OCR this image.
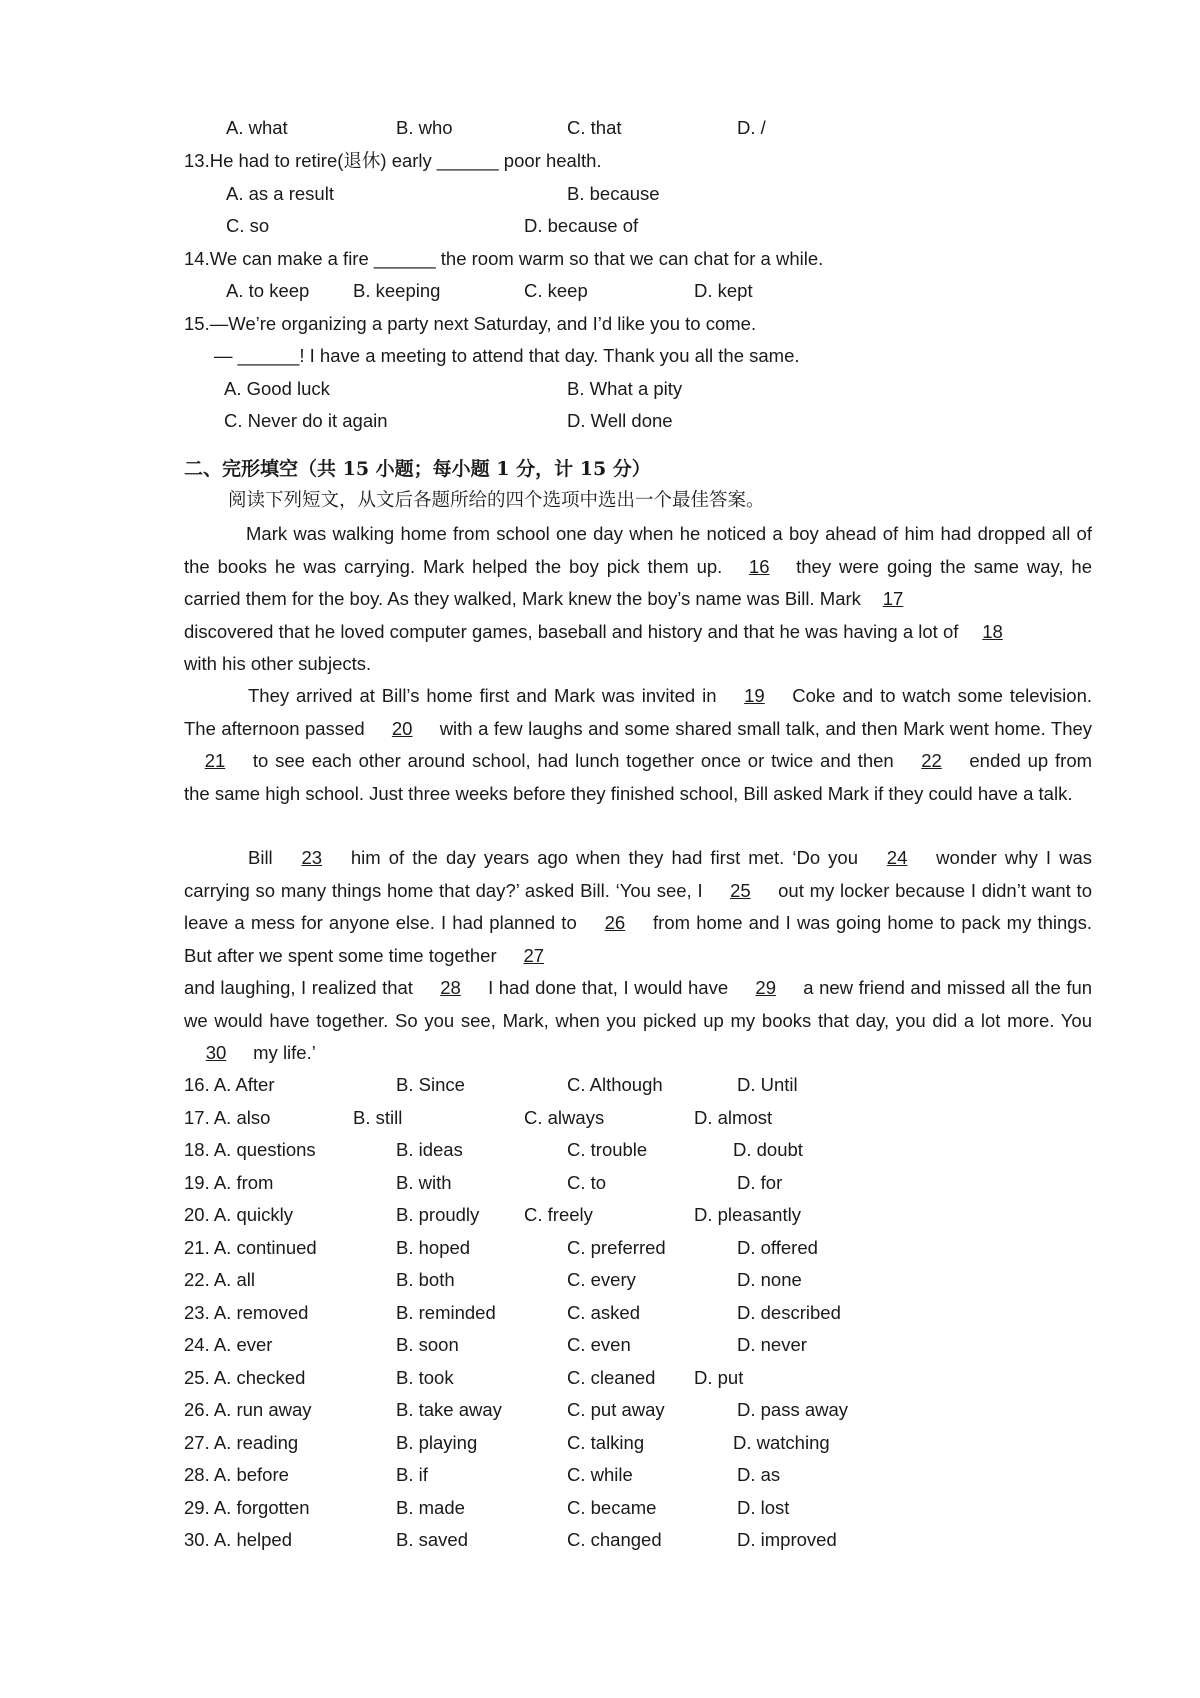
A. what	B. who	C. that	D. /
13.He had to retire(退休) early ______ poor health.
A. as a result	B. because
C. so	D. because of
14.We can make a fire ______ the room warm so that we can chat for a while.
A. to keep B. keeping	C. keep	D. kept
15.—We’re organizing a party next Saturday, and I’d like you to come.
— ______! I have a meeting to attend that day. Thank you all the same.
A. Good luck	B. What a pity
C. Never do it again	D. Well done
二、完形填空（共 15 小题；每小题 1 分，计 15 分）
阅读下列短文，从文后各题所给的四个选项中选出一个最佳答案。
Mark was walking home from school one day when he noticed a boy ahead of him had dropped all of the books he was carrying. Mark helped the boy pick them up. 16 they were going the same way, he carried them for the boy. As they walked, Mark knew the boy’s name was Bill. Mark 17
discovered that he loved computer games, baseball and history and that he was having a lot of 18
with his other subjects.
They arrived at Bill’s home first and Mark was invited in 19 Coke and to watch some television. The afternoon passed 20 with a few laughs and some shared small talk, and then Mark went home. They 21 to see each other around school, had lunch together once or twice and then 22 ended up from the same high school. Just three weeks before they finished school, Bill asked Mark if they could have a talk.
Bill 23 him of the day years ago when they had first met. ‘Do you 24 wonder why I was carrying so many things home that day?’ asked Bill. ‘You see, I 25 out my locker because I didn’t want to leave a mess for anyone else. I had planned to 26 from home and I was going home to pack my things. But after we spent some time together 27
and laughing, I realized that 28 I had done that, I would have 29 a new friend and missed all the fun we would have together. So you see, Mark, when you picked up my books that day, you did a lot more. You 30 my life.’
16. A. After	B. Since	C. Although	D. Until
17. A. also	B. still	C. always	D. almost
18. A. questions	B. ideas	C. trouble	D. doubt
19. A. from	B. with	C. to	D. for
20. A. quickly	B. proudly C. freely	D. pleasantly
21. A. continued	B. hoped	C. preferred	D. offered
22. A. all	B. both	C. every	D. none
23. A. removed	B. reminded	C. asked	D. described
24. A. ever	B. soon	C. even	D. never
25. A. checked	B. took	C. cleaned D. put
26. A. run away	B. take away	C. put away	D. pass away
27. A. reading	B. playing	C. talking	D. watching
28. A. before	B. if	C. while	D. as
29. A. forgotten	B. made	C. became	D. lost
30. A. helped	B. saved	C. changed	D. improved
